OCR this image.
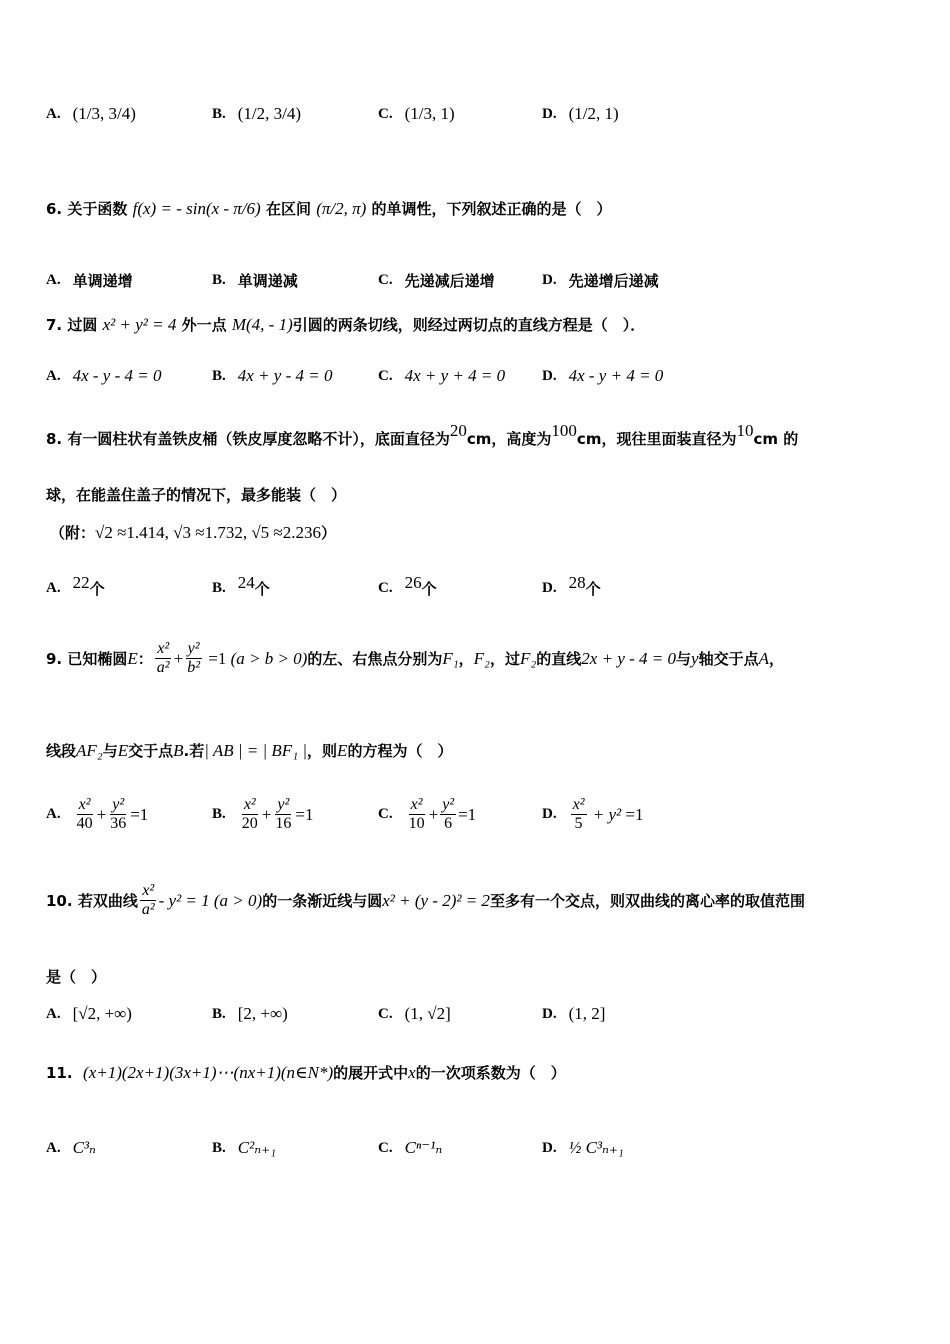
A. (1/3, 3/4)	B. (1/2, 3/4)	C. (1/3, 1)	D. (1/2, 1)
6.
关于函数
f(x) = - sin(x - π/6)
在区间
(π/2, π)
的单调性，下列叙述正确的是（　）
A. 单调递增	B. 单调递减	C. 先递减后递增	D. 先递增后递减
7.
过圆
x² + y² = 4
外一点
M(4, - 1) 引圆的两条切线，则经过两切点的直线方程是（　）．
A. 4x - y - 4 = 0	B. 4x + y - 4 = 0	C. 4x + y + 4 = 0 D. 4x - y + 4 = 0
8.
有一圆柱状有盖铁皮桶（铁皮厚度忽略不计），底面直径为 20 cm，高度为 100 cm，现往里面装直径为 10 cm 的
球，在能盖住盖子的情况下，最多能装（　）
（附： √2 ≈1.414, √3 ≈1.732, √5 ≈2.236 ）
A. 22 个	B. 24 个	C. 26 个	D. 28 个
9.
已知椭圆 E ： $\frac{\text{x²}}{\text{a²}} + \frac{\text{y²}}{\text{b²}} =1$ (a > b > 0) 的左、右焦点分别为 F₁ ， F₂ ，过 F₂ 的直线 2x + y - 4 = 0 与 y 轴交于点 A ，
线段 AF₂ 与 E 交于点 B .若 | AB | = | BF₁ | ，则 E 的方程为（　）
A. $\frac{\text{x²}}{40} + \frac{\text{y²}}{36} =1$	B. $\frac{\text{x²}}{20} + \frac{\text{y²}}{16} =1$	C. $\frac{\text{x²}}{10} + \frac{\text{y²}}{6} =1$	D. $\frac{\text{x²}}{5} + y^2 =1$
10.
若双曲线 $\frac{\text{x²}}{\text{a²}} - y^2 = 1$ (a > 0) 的一条渐近线与圆 x² + (y - 2)² = 2 至多有一个交点，则双曲线的离心率的取值范围
是（　）
A. [√2, +∞)	B. [2, +∞)	C. (1, √2]	D. (1, 2]
11.
(x+1)(2x+1)(3x+1)⋯(nx+1)(n∈N*) 的展开式中 x 的一次项系数为（　）
A. C³ₙ	B. C²ₙ₊₁	C. Cⁿ⁻¹ₙ	D. ½ C³ₙ₊₁
